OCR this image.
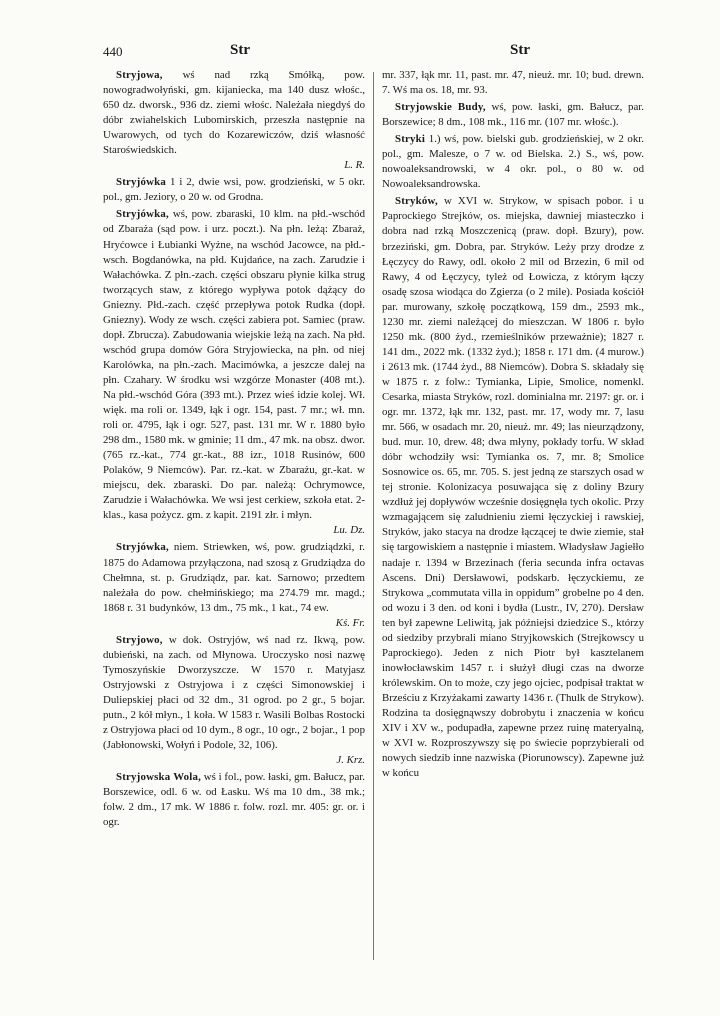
440	Str	Str

Stryjowa, wś nad rzką Smółką, pow. nowogradwołyński, gm. kijaniecka, ma 140 dusz włośc., 650 dz. dworsk., 936 dz. ziemi włośc. Należała niegdyś do dóbr zwiahelskich Lubomirskich, przeszła następnie na Uwarowych, od tych do Kozarewiczów, dziś własność Staroświedskich.
L. R.

Stryjówka 1 i 2, dwie wsi, pow. grodzieński, w 5 okr. pol., gm. Jeziory, o 20 w. od Grodna.

Stryjówka, wś, pow. zbaraski, 10 klm. na płd.-wschód od Zbaraża (sąd pow. i urz. poczt.). Na płn. leżą: Zbaraż, Hryćowce i Łubianki Wyżne, na wschód Jacowce, na płd.-wsch. Bogdanówka, na płd. Kujdańce, na zach. Zarudzie i Wałachówka. Z płn.-zach. części obszaru płynie kilka strug tworzących staw, z którego wypływa potok dążący do Gniezny. Płd.-zach. część przepływa potok Rudka (dopł. Gniezny). Wody ze wsch. części zabiera pot. Samiec (praw. dopł. Zbrucza). Zabudowania wiejskie leżą na zach. Na płd. wschód grupa domów Góra Stryjowiecka, na płn. od niej Karolówka, na płn.-zach. Macimówka, a jeszcze dalej na płn. Czahary. W środku wsi wzgórze Monaster (408 mt.). Na płd.-wschód Góra (393 mt.). Przez wieś idzie kolej. Wł. więk. ma roli or. 1349, łąk i ogr. 154, past. 7 mr.; wł. mn. roli or. 4795, łąk i ogr. 527, past. 131 mr. W r. 1880 było 298 dm., 1580 mk. w gminie; 11 dm., 47 mk. na obsz. dwor. (765 rz.-kat., 774 gr.-kat., 88 izr., 1018 Rusinów, 600 Polaków, 9 Niemców). Par. rz.-kat. w Zbarażu, gr.-kat. w miejscu, dek. zbaraski. Do par. należą: Ochrymowce, Zarudzie i Wałachówka. We wsi jest cerkiew, szkoła etat. 2-klas., kasa pożycz. gm. z kapit. 2191 złr. i młyn.
Lu. Dz.

Stryjówka, niem. Striewken, wś, pow. grudziądzki, r. 1875 do Adamowa przyłączona, nad szosą z Grudziądza do Chełmna, st. p. Grudziądz, par. kat. Sarnowo; przedtem należała do pow. chełmińskiego; ma 274.79 mr. magd.; 1868 r. 31 budynków, 13 dm., 75 mk., 1 kat., 74 ew.
Kś. Fr.

Stryjowo, w dok. Ostryjów, wś nad rz. Ikwą, pow. dubieński, na zach. od Młynowa. Uroczysko nosi nazwę Tymoszyńskie Dworzyszcze. W 1570 r. Matyjasz Ostryjowski z Ostryjowa i z części Simonowskiej i Duliepskiej płaci od 32 dm., 31 ogrod. po 2 gr., 5 bojar. putn., 2 kół młyn., 1 koła. W 1583 r. Wasili Bolbas Rostocki z Ostryjowa płaci od 10 dym., 8 ogr., 10 ogr., 2 bojar., 1 pop (Jabłonowski, Wołyń i Podole, 32, 106).
J. Krz.

Stryjowska Wola, wś i fol., pow. łaski, gm. Bałucz, par. Borszewice, odl. 6 w. od Łasku. Wś ma 10 dm., 38 mk.; folw. 2 dm., 17 mk. W 1886 r. folw. rozl. mr. 405: gr. or. i ogr.

mr. 337, łąk mr. 11, past. mr. 47, nieuż. mr. 10; bud. drewn. 7. Wś ma os. 18, mr. 93.

Stryjowskie Budy, wś, pow. łaski, gm. Bałucz, par. Borszewice; 8 dm., 108 mk., 116 mr. (107 mr. włośc.).

Stryki 1.) wś, pow. bielski gub. grodzieńskiej, w 2 okr. pol., gm. Malesze, o 7 w. od Bielska. 2.) S., wś, pow. nowoaleksandrowski, w 4 okr. pol., o 80 w. od Nowoaleksandrowska.

Stryków, w XVI w. Strykow, w spisach pobor. i u Paprockiego Strejków, os. miejska, dawniej miasteczko i dobra nad rzką Moszczenicą (praw. dopł. Bzury), pow. brzeziński, gm. Dobra, par. Stryków. Leży przy drodze z Łęczycy do Rawy, odl. około 2 mil od Brzezin, 6 mil od Rawy, 4 od Łęczycy, tyleż od Łowicza, z którym łączy osadę szosa wiodąca do Zgierza (o 2 mile). Posiada kościół par. murowany, szkołę początkową, 159 dm., 2593 mk., 1230 mr. ziemi należącej do mieszczan. W 1806 r. było 1250 mk. (800 żyd., rzemieślników przeważnie); 1827 r. 141 dm., 2022 mk. (1332 żyd.); 1858 r. 171 dm. (4 murow.) i 2613 mk. (1744 żyd., 88 Niemców). Dobra S. składały się w 1875 r. z folw.: Tymianka, Lipie, Smolice, nomenkl. Cesarka, miasta Stryków, rozl. dominialna mr. 2197: gr. or. i ogr. mr. 1372, łąk mr. 132, past. mr. 17, wody mr. 7, lasu mr. 566, w osadach mr. 20, nieuż. mr. 49; las nieurządzony, bud. mur. 10, drew. 48; dwa młyny, pokłady torfu. W skład dóbr wchodziły wsi: Tymianka os. 7, mr. 8; Smolice Sosnowice os. 65, mr. 705. S. jest jedną ze starszych osad w tej stronie. Kolonizacya posuwająca się z doliny Bzury wzdłuż jej dopływów wcześnie dosięgnęła tych okolic. Przy wzmagającem się zaludnieniu ziemi łęczyckiej i rawskiej, Stryków, jako stacya na drodze łączącej te dwie ziemie, stał się targowiskiem a następnie i miastem. Władysław Jagiełło nadaje r. 1394 w Brzezinach (feria secunda infra octavas Ascens. Dni) Dersławowi, podskarb. łęczyckiemu, ze Strykowa „commutata villa in oppidum” grobelne po 4 den. od wozu i 3 den. od koni i bydła (Lustr., IV, 270). Dersław ten był zapewne Leliwitą, jak późniejsi dziedzice S., którzy od siedziby przybrali miano Stryjkowskich (Strejkowscy u Paprockiego). Jeden z nich Piotr był kasztelanem inowłocławskim 1457 r. i służył długi czas na dworze królewskim. On to może, czy jego ojciec, podpisał traktat w Brześciu z Krzyżakami zawarty 1436 r. (Thulk de Strykow). Rodzina ta dosięgnąwszy dobrobytu i znaczenia w końcu XIV i XV w., podupadła, zapewne przez ruinę materyalną, w XVI w. Rozproszywszy się po świecie poprzybierali od nowych siedzib inne nazwiska (Piorunowscy). Zapewne już w końcu
